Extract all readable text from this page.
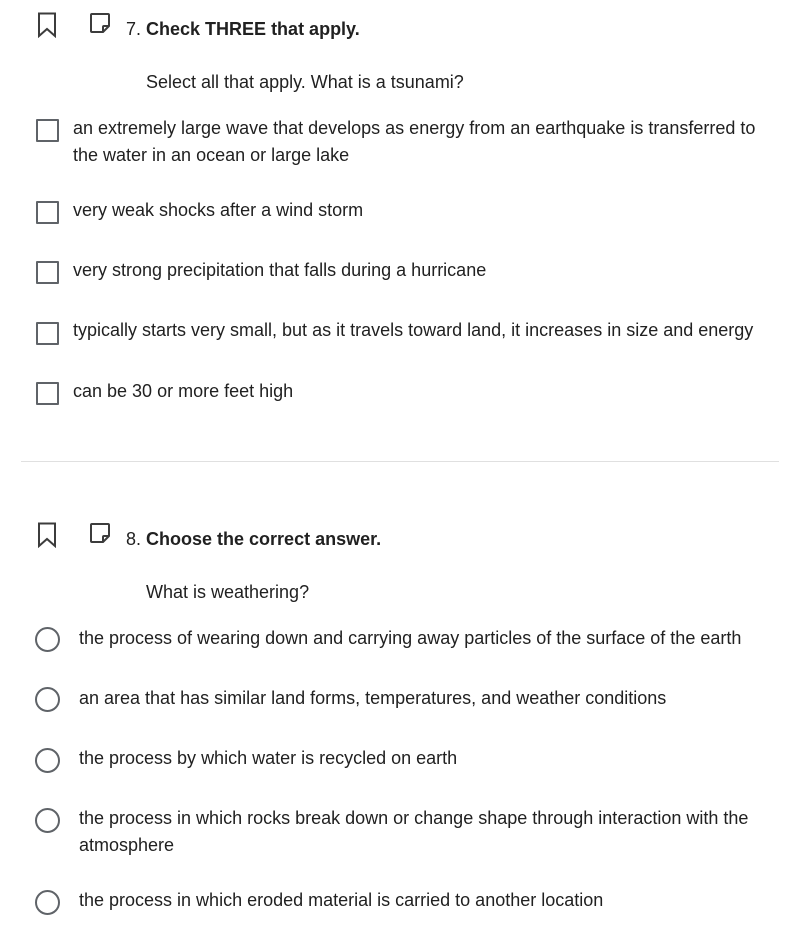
7. Check THREE that apply.
Select all that apply. What is a tsunami?
an extremely large wave that develops as energy from an earthquake is transferred to the water in an ocean or large lake
very weak shocks after a wind storm
very strong precipitation that falls during a hurricane
typically starts very small, but as it travels toward land, it increases in size and energy
can be 30 or more feet high
8. Choose the correct answer.
What is weathering?
the process of wearing down and carrying away particles of the surface of the earth
an area that has similar land forms, temperatures, and weather conditions
the process by which water is recycled on earth
the process in which rocks break down or change shape through interaction with the atmosphere
the process in which eroded material is carried to another location
